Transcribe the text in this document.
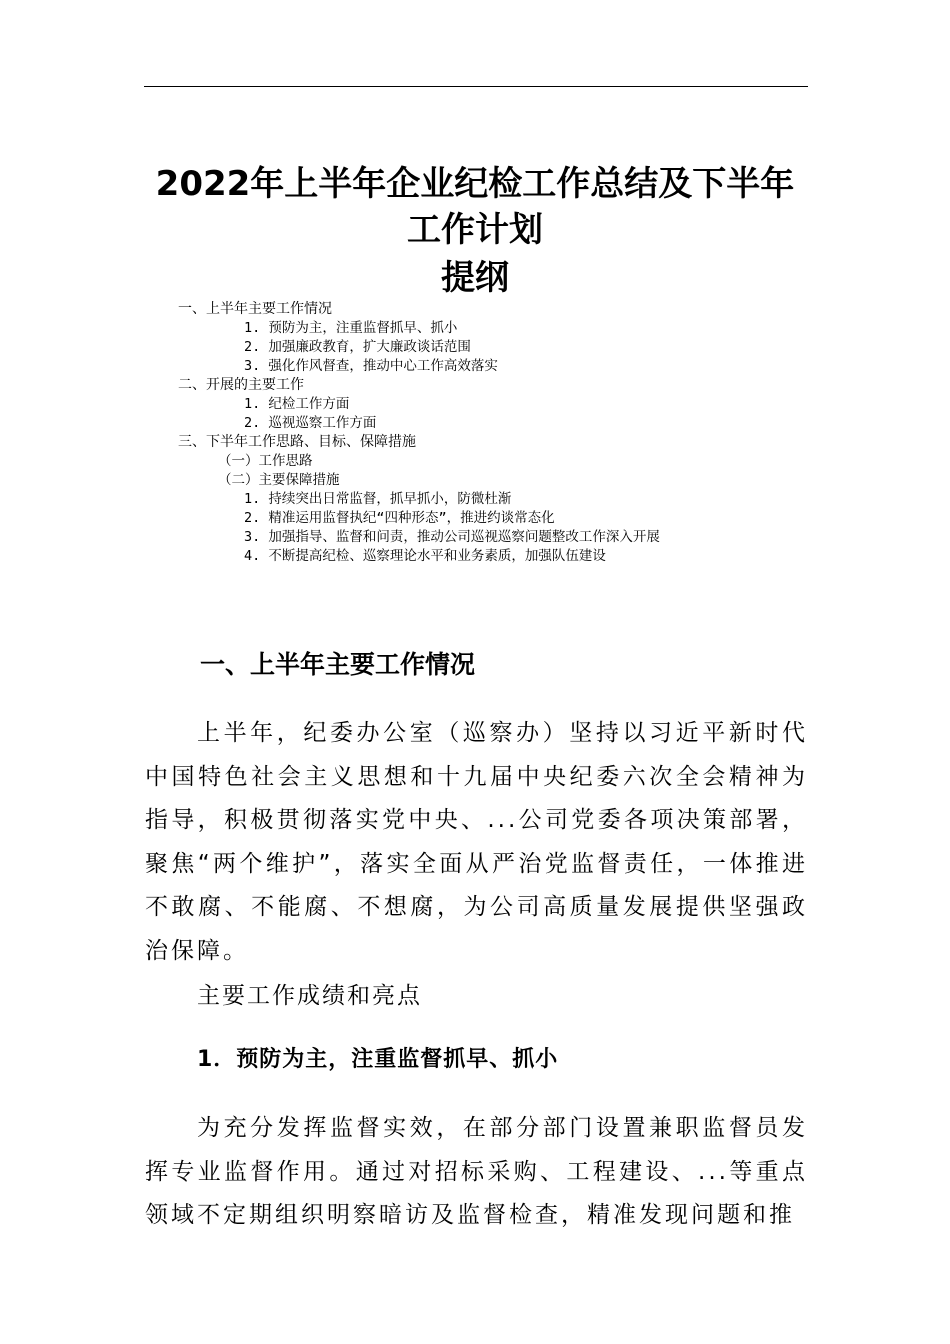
2022年上半年企业纪检工作总结及下半年
工作计划
提纲
一、上半年主要工作情况
1. 预防为主，注重监督抓早、抓小
2. 加强廉政教育，扩大廉政谈话范围
3. 强化作风督查，推动中心工作高效落实
二、开展的主要工作
1. 纪检工作方面
2. 巡视巡察工作方面
三、下半年工作思路、目标、保障措施
（一）工作思路
（二）主要保障措施
1. 持续突出日常监督，抓早抓小，防微杜渐
2. 精准运用监督执纪“四种形态”，推进约谈常态化
3. 加强指导、监督和问责，推动公司巡视巡察问题整改工作深入开展
4. 不断提高纪检、巡察理论水平和业务素质，加强队伍建设
一、上半年主要工作情况
上半年，纪委办公室（巡察办）坚持以习近平新时代中国特色社会主义思想和十九届中央纪委六次全会精神为指导，积极贯彻落实党中央、...公司党委各项决策部署，聚焦“两个维护”，落实全面从严治党监督责任，一体推进不敢腐、不能腐、不想腐，为公司高质量发展提供坚强政治保障。
主要工作成绩和亮点
1．预防为主，注重监督抓早、抓小
为充分发挥监督实效，在部分部门设置兼职监督员发挥专业监督作用。通过对招标采购、工程建设、...等重点领域不定期组织明察暗访及监督检查，精准发现问题和推
